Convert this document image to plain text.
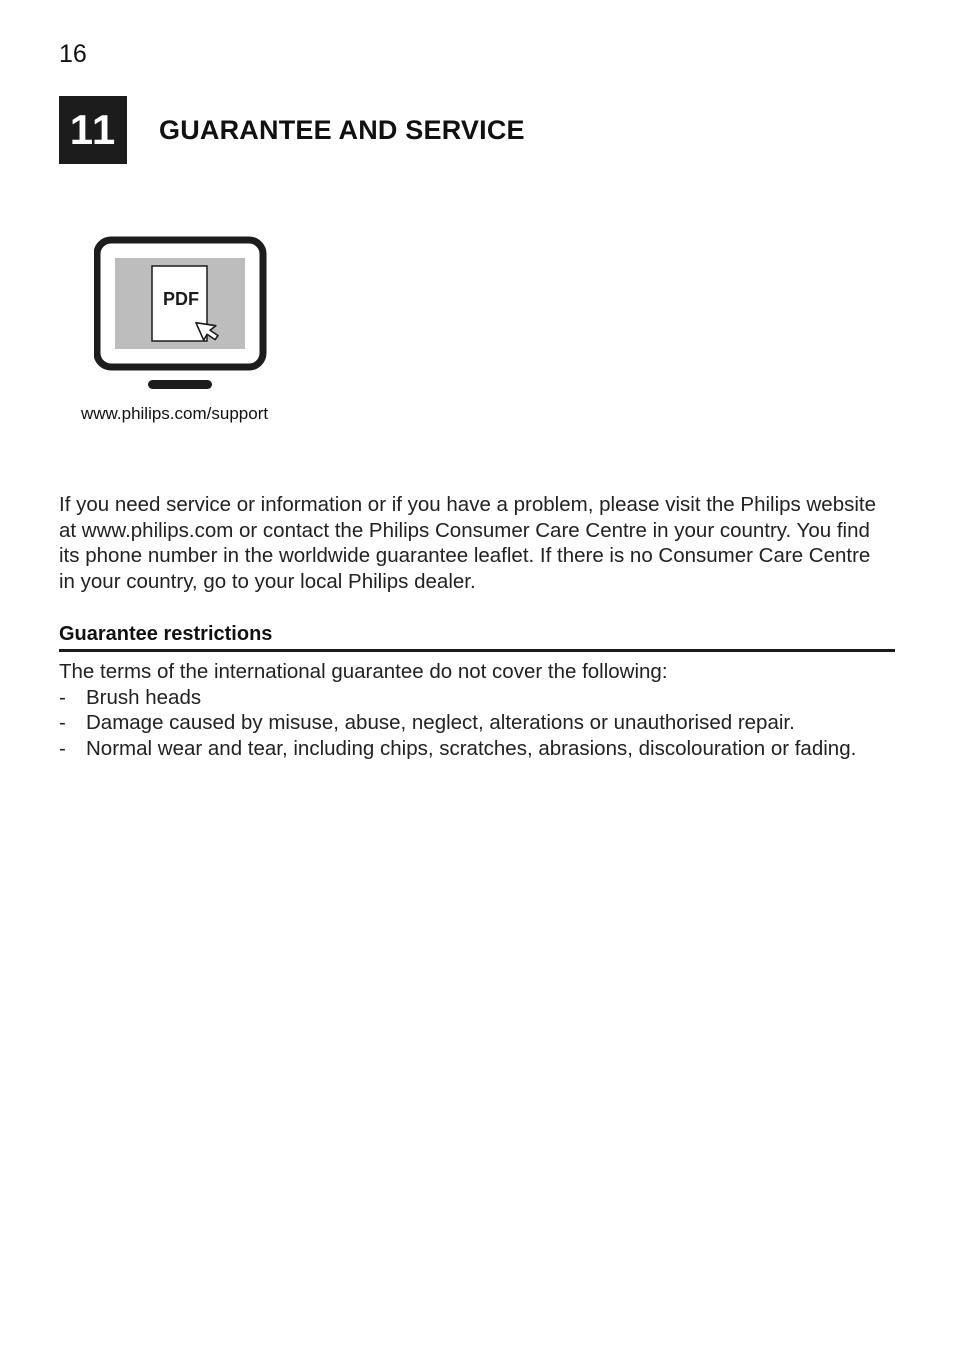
16
11	GUARANTEE AND SERVICE
PDF
www.philips.com/support

If you need service or information or if you have a problem, please visit the Philips website at www.philips.com or contact the Philips Consumer Care Centre in your country. You find its phone number in the worldwide guarantee leaflet. If there is no Consumer Care Centre in your country, go to your local Philips dealer.

Guarantee restrictions
The terms of the international guarantee do not cover the following:
- Brush heads
- Damage caused by misuse, abuse, neglect, alterations or unauthorised repair.
- Normal wear and tear, including chips, scratches, abrasions, discolouration or fading.
